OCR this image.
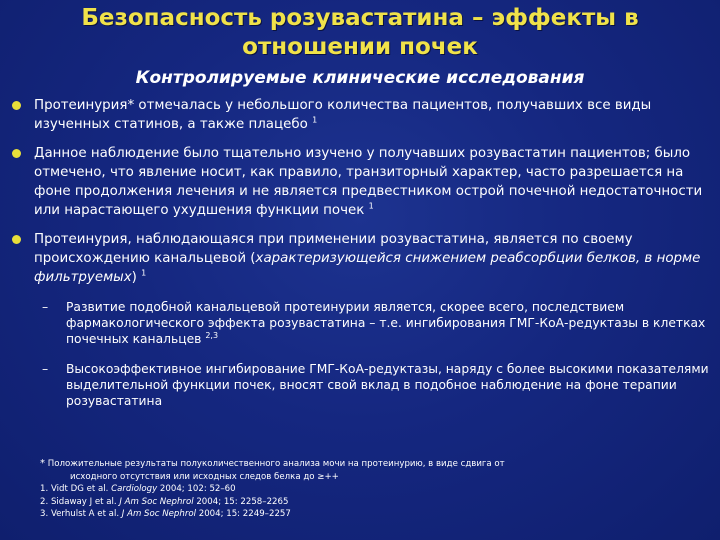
Безопасность розувастатина – эффекты в
отношении почек
Контролируемые клинические исследования
Протеинурия* отмечалась у небольшого количества пациентов, получавших все виды изученных статинов, а также плацебо $^1$
Данное наблюдение было тщательно изучено у получавших розувастатин пациентов; было отмечено, что явление носит, как правило, транзиторный характер, часто разрешается на фоне продолжения лечения и не является предвестником острой почечной недостаточности или нарастающего ухудшения функции почек $^1$
Протеинурия, наблюдающаяся при применении розувастатина, является по своему происхождению канальцевой (характеризующейся снижением реабсорбции белков, в норме фильтруемых) $^1$
– Развитие подобной канальцевой протеинурии является, скорее всего, последствием фармакологического эффекта розувастатина – т.е. ингибирования ГМГ-КоА-редуктазы в клетках почечных канальцев $^{2,3}$
– Высокоэффективное ингибирование ГМГ-КоА-редуктазы, наряду с более высокими показателями выделительной функции почек, вносят свой вклад в подобное наблюдение на фоне терапии розувастатина
* Положительные результаты полуколичественного анализа мочи на протеинурию, в виде сдвига от
исходного отсутствия или исходных следов белка до ≥++
1. Vidt DG et al. Cardiology 2004; 102: 52–60
2. Sidaway J et al. J Am Soc Nephrol 2004; 15: 2258–2265
3. Verhulst A et al. J Am Soc Nephrol 2004; 15: 2249–2257
